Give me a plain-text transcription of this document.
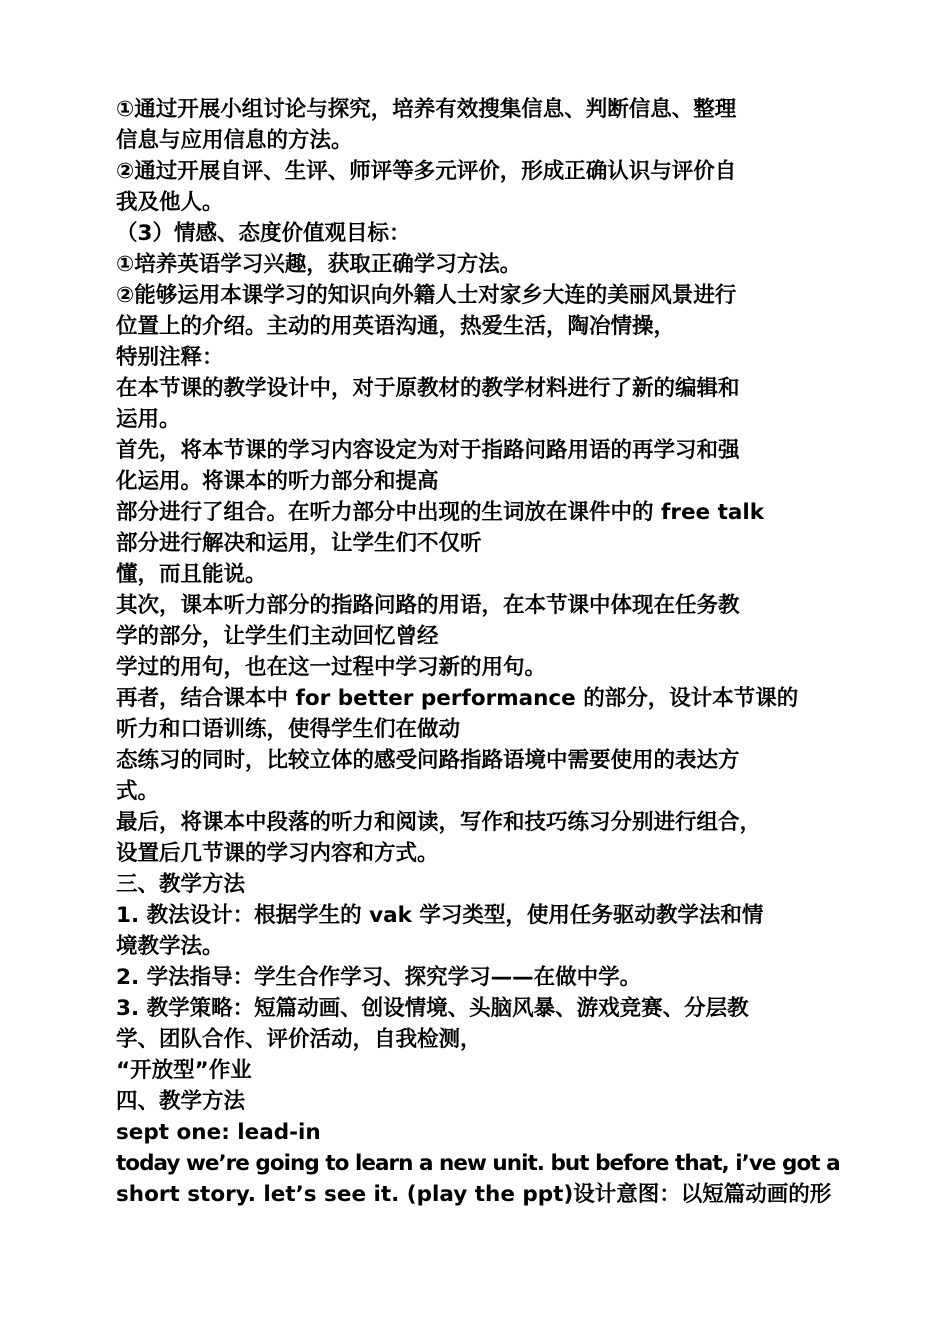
①通过开展小组讨论与探究，培养有效搜集信息、判断信息、整理
信息与应用信息的方法。
②通过开展自评、生评、师评等多元评价，形成正确认识与评价自
我及他人。
（3）情感、态度价值观目标：
①培养英语学习兴趣，获取正确学习方法。
②能够运用本课学习的知识向外籍人士对家乡大连的美丽风景进行
位置上的介绍。主动的用英语沟通，热爱生活，陶冶情操，
特别注释：
在本节课的教学设计中，对于原教材的教学材料进行了新的编辑和
运用。
首先，将本节课的学习内容设定为对于指路问路用语的再学习和强
化运用。将课本的听力部分和提高
部分进行了组合。在听力部分中出现的生词放在课件中的 free talk
部分进行解决和运用，让学生们不仅听
懂，而且能说。
其次，课本听力部分的指路问路的用语，在本节课中体现在任务教
学的部分，让学生们主动回忆曾经
学过的用句，也在这一过程中学习新的用句。
再者，结合课本中 for better performance 的部分，设计本节课的
听力和口语训练，使得学生们在做动
态练习的同时，比较立体的感受问路指路语境中需要使用的表达方
式。
最后，将课本中段落的听力和阅读，写作和技巧练习分别进行组合，
设置后几节课的学习内容和方式。
三、教学方法
1. 教法设计：根据学生的 vak 学习类型，使用任务驱动教学法和情
境教学法。
2. 学法指导：学生合作学习、探究学习——在做中学。
3. 教学策略：短篇动画、创设情境、头脑风暴、游戏竞赛、分层教
学、团队合作、评价活动，自我检测，
“开放型”作业
四、教学方法
sept one: lead-in
today we’re going to learn a new unit. but before that, i’ve got a
short story. let’s see it. (play the ppt)设计意图：以短篇动画的形
